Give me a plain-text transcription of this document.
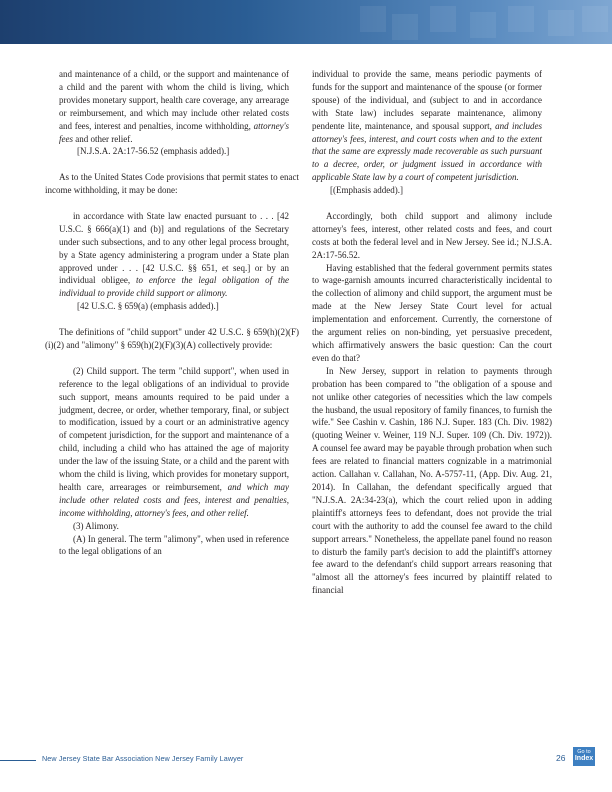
and maintenance of a child, or the support and maintenance of a child and the parent with whom the child is living, which provides monetary support, health care coverage, any arrearage or reimbursement, and which may include other related costs and fees, interest and penalties, income withholding, attorney's fees and other relief.

[N.J.S.A. 2A:17-56.52 (emphasis added).]

As to the United States Code provisions that permit states to enact income withholding, it may be done:

in accordance with State law enacted pursuant to . . . [42 U.S.C. § 666(a)(1) and (b)] and regulations of the Secretary under such subsections, and to any other legal process brought, by a State agency administering a program under a State plan approved under . . . [42 U.S.C. §§ 651, et seq.] or by an individual obligee, to enforce the legal obligation of the individual to provide child support or alimony.

[42 U.S.C. § 659(a) (emphasis added).]

The definitions of "child support" under 42 U.S.C. § 659(h)(2)(F)(i)(2) and "alimony" § 659(h)(2)(F)(3)(A) collectively provide:

(2) Child support. The term "child support", when used in reference to the legal obligations of an individual to provide such support, means amounts required to be paid under a judgment, decree, or order, whether temporary, final, or subject to modification, issued by a court or an administrative agency of competent jurisdiction, for the support and maintenance of a child, including a child who has attained the age of majority under the law of the issuing State, or a child and the parent with whom the child is living, which provides for monetary support, health care, arrearages or reimbursement, and which may include other related costs and fees, interest and penalties, income withholding, attorney's fees, and other relief.

(3) Alimony.

(A) In general. The term "alimony", when used in reference to the legal obligations of an

individual to provide the same, means periodic payments of funds for the support and maintenance of the spouse (or former spouse) of the individual, and (subject to and in accordance with State law) includes separate maintenance, alimony pendente lite, maintenance, and spousal support, and includes attorney's fees, interest, and court costs when and to the extent that the same are expressly made recoverable as such pursuant to a decree, order, or judgment issued in accordance with applicable State law by a court of competent jurisdiction.

[(Emphasis added).]

Accordingly, both child support and alimony include attorney's fees, interest, other related costs and fees, and court costs at both the federal level and in New Jersey. See id.; N.J.S.A. 2A:17-56.52.

Having established that the federal government permits states to wage-garnish amounts incurred characteristically incidental to the collection of alimony and child support, the argument must be made at the New Jersey State Court level for actual implementation and enforcement. Currently, the cornerstone of the argument relies on non-binding, yet persuasive precedent, which affirmatively answers the basic question: Can the court even do that?

In New Jersey, support in relation to payments through probation has been compared to "the obligation of a spouse and not unlike other categories of necessities which the law compels the husband, the usual repository of family finances, to furnish the wife." See Cashin v. Cashin, 186 N.J. Super. 183 (Ch. Div. 1982) (quoting Weiner v. Weiner, 119 N.J. Super. 109 (Ch. Div. 1972)). A counsel fee award may be payable through probation when such fees are related to financial matters cognizable in a matrimonial action. Callahan v. Callahan, No. A-5757-11, (App. Div. Aug. 21, 2014). In Callahan, the defendant specifically argued that "N.J.S.A. 2A:34-23(a), which the court relied upon in adding plaintiff's attorneys fees to defendant, does not provide the trial court with the authority to add the counsel fee award to the child support arrears." Nonetheless, the appellate panel found no reason to disturb the family part's decision to add the plaintiff's attorney fee award to the defendant's child support arrears reasoning that "almost all the attorney's fees incurred by plaintiff related to financial

New Jersey State Bar Association New Jersey Family Lawyer	26
Go to
Index
